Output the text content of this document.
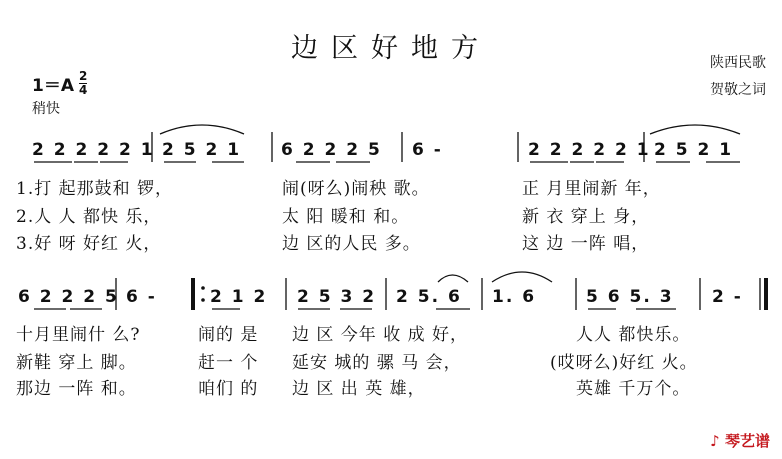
边区好地方	陕西民歌
贺敬之词
1＝A 2
4
稍快
2 2 2 2 2 1 2 5 2 1 6 2 2 2 5 6 -	2 2 2 2 2 1 2 5 2 1
1.打 起那鼓和 锣，	闹(呀么)闹秧 歌。	正 月里闹新 年，
2.人 人 都快 乐，	太 阳 暖和 和。	新 衣 穿上 身，
3.好 呀 好红 火，	边 区的人民 多。	这 边 一阵 唱，
6 2 2 2 5 6 -	2 1 2 2 5 3 2 2 5. 6 1. 6	5 6 5. 3 2 -
十月里闹什 么?	闹的 是 边 区 今年 收 成 好，	人人 都快乐。
新鞋 穿上 脚。	赶一 个 延安 城的 骡 马 会，	(哎呀么)好红 火。
那边 一阵 和。	咱们 的 边 区 出 英 雄，	英雄 千万个。
♪ 琴艺谱
